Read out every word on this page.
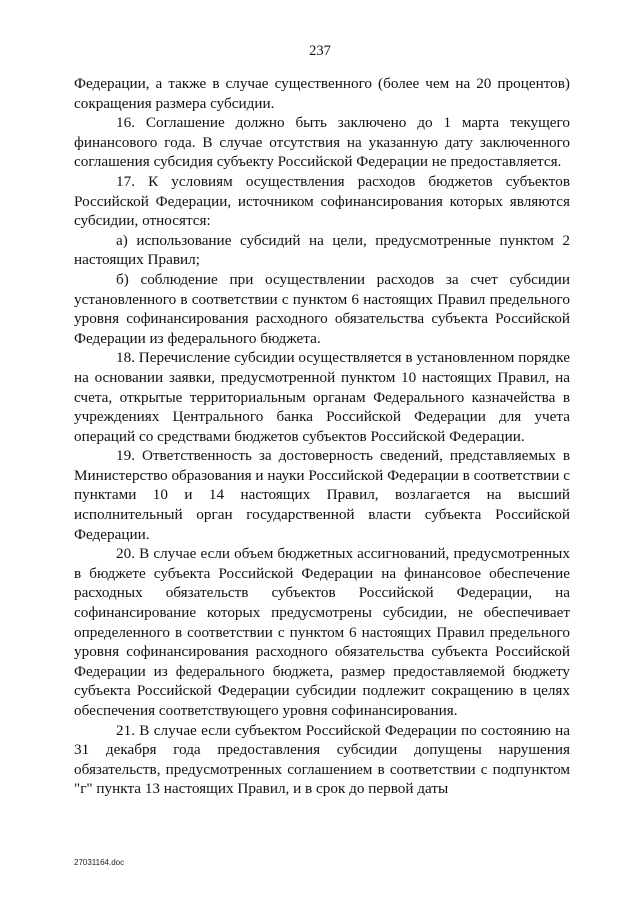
237

Федерации, а также в случае существенного (более чем на 20 процентов) сокращения размера субсидии.

16. Соглашение должно быть заключено до 1 марта текущего финансового года. В случае отсутствия на указанную дату заключенного соглашения субсидия субъекту Российской Федерации не предоставляется.

17. К условиям осуществления расходов бюджетов субъектов Российской Федерации, источником софинансирования которых являются субсидии, относятся:

а) использование субсидий на цели, предусмотренные пунктом 2 настоящих Правил;

б) соблюдение при осуществлении расходов за счет субсидии установленного в соответствии с пунктом 6 настоящих Правил предельного уровня софинансирования расходного обязательства субъекта Российской Федерации из федерального бюджета.

18. Перечисление субсидии осуществляется в установленном порядке на основании заявки, предусмотренной пунктом 10 настоящих Правил, на счета, открытые территориальным органам Федерального казначейства в учреждениях Центрального банка Российской Федерации для учета операций со средствами бюджетов субъектов Российской Федерации.

19. Ответственность за достоверность сведений, представляемых в Министерство образования и науки Российской Федерации в соответствии с пунктами 10 и 14 настоящих Правил, возлагается на высший исполнительный орган государственной власти субъекта Российской Федерации.

20. В случае если объем бюджетных ассигнований, предусмотренных в бюджете субъекта Российской Федерации на финансовое обеспечение расходных обязательств субъектов Российской Федерации, на софинансирование которых предусмотрены субсидии, не обеспечивает определенного в соответствии с пунктом 6 настоящих Правил предельного уровня софинансирования расходного обязательства субъекта Российской Федерации из федерального бюджета, размер предоставляемой бюджету субъекта Российской Федерации субсидии подлежит сокращению в целях обеспечения соответствующего уровня софинансирования.

21. В случае если субъектом Российской Федерации по состоянию на 31 декабря года предоставления субсидии допущены нарушения обязательств, предусмотренных соглашением в соответствии с подпунктом "г" пункта 13 настоящих Правил, и в срок до первой даты

27031164.doc
